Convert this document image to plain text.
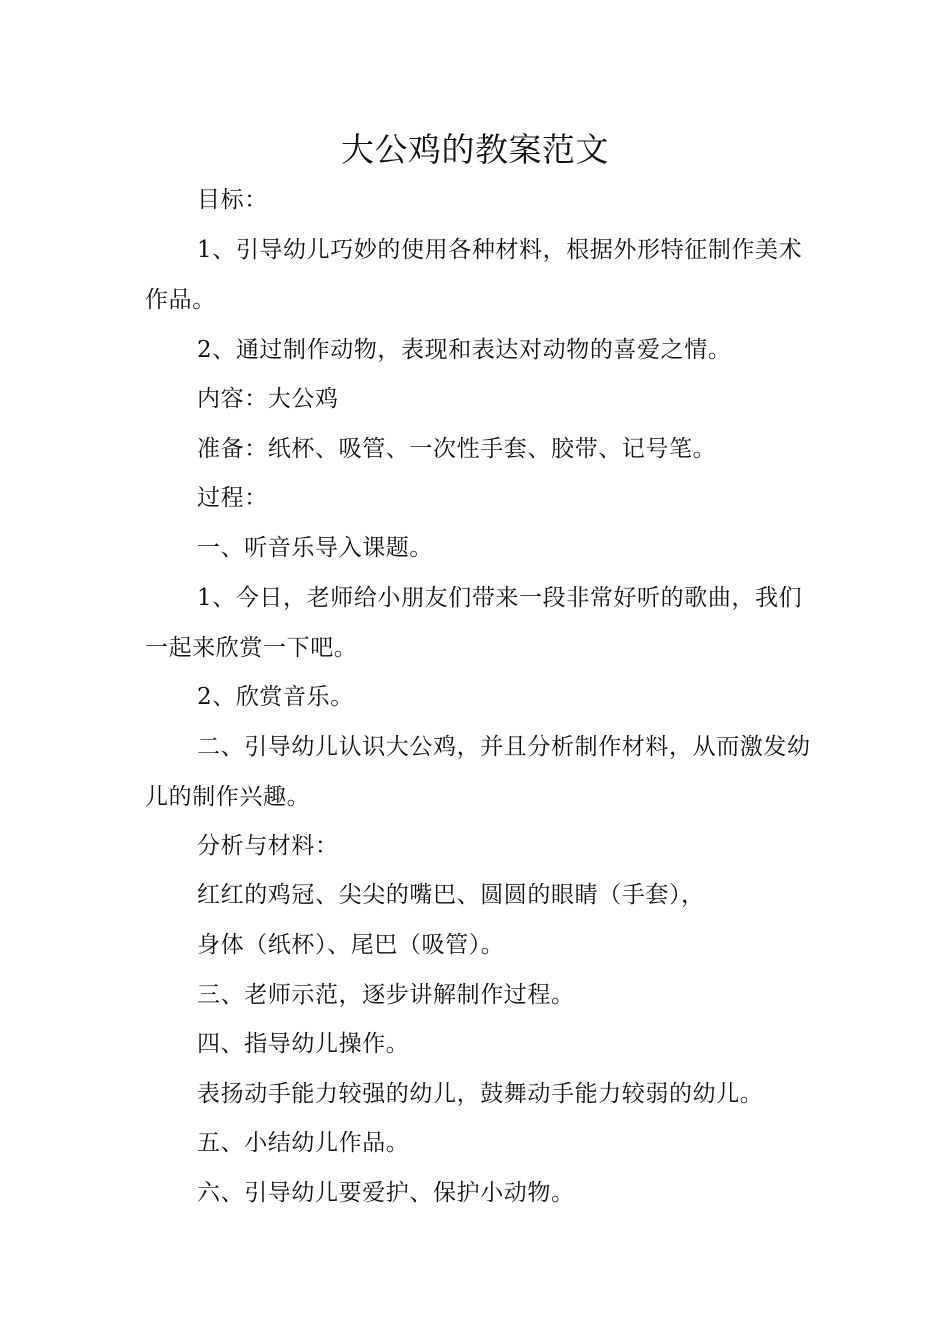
大公鸡的教案范文

目标：

1、引导幼儿巧妙的使用各种材料，根据外形特征制作美术作品。

2、通过制作动物，表现和表达对动物的喜爱之情。

内容：大公鸡

准备：纸杯、吸管、一次性手套、胶带、记号笔。

过程：

一、听音乐导入课题。

1、今日，老师给小朋友们带来一段非常好听的歌曲，我们一起来欣赏一下吧。

2、欣赏音乐。

二、引导幼儿认识大公鸡，并且分析制作材料，从而激发幼儿的制作兴趣。

分析与材料：

红红的鸡冠、尖尖的嘴巴、圆圆的眼睛（手套），

身体（纸杯）、尾巴（吸管）。

三、老师示范，逐步讲解制作过程。

四、指导幼儿操作。

表扬动手能力较强的幼儿，鼓舞动手能力较弱的幼儿。

五、小结幼儿作品。

六、引导幼儿要爱护、保护小动物。
